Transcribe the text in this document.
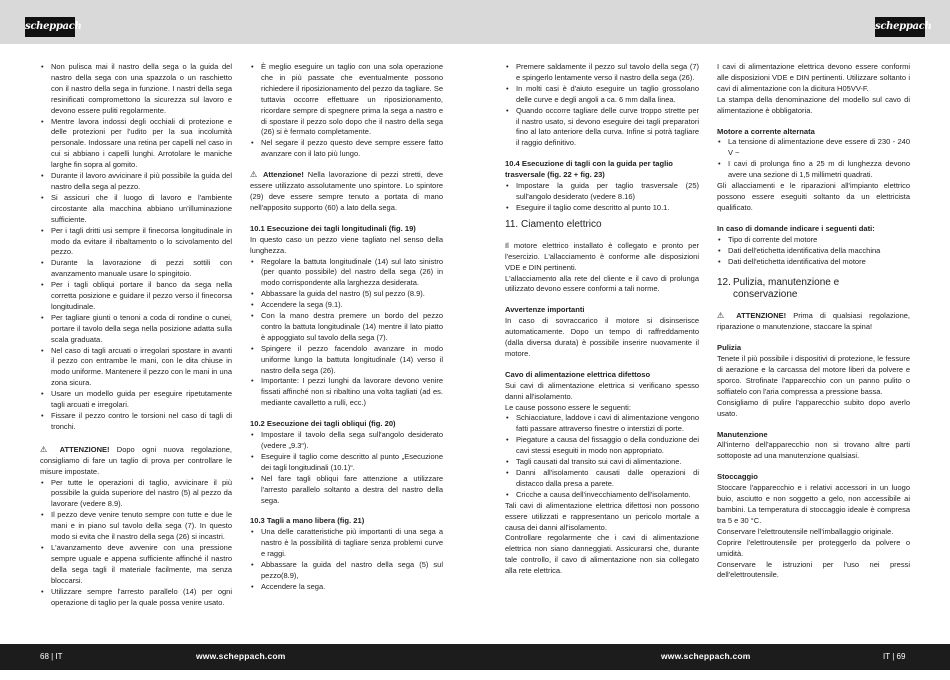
scheppach	scheppach
• Non pulisca mai il nastro della sega o la guida del nastro della sega con una spazzola o un raschietto con il nastro della sega in funzione. I nastri della sega resinificati compromettono la sicurezza sul lavoro e devono essere puliti regolarmente.
• Mentre lavora indossi degli occhiali di protezione e delle protezioni per l'udito per la sua incolumità personale. Indossare una retina per capelli nel caso in cui si abbiano i capelli lunghi. Arrotolare le maniche larghe fin sopra al gomito.
• Durante il lavoro avvicinare il più possibile la guida del nastro della sega al pezzo.
• Si assicuri che il luogo di lavoro e l'ambiente circostante alla macchina abbiano un'illuminazione sufficiente.
• Per i tagli dritti usi sempre il finecorsa longitudinale in modo da evitare il ribaltamento o lo scivolamento del pezzo.
• Durante la lavorazione di pezzi sottili con avanzamento manuale usare lo spingitoio.
• Per i tagli obliqui portare il banco da sega nella corretta posizione e guidare il pezzo verso il finecorsa longitudinale.
• Per tagliare giunti o tenoni a coda di rondine o cunei, portare il tavolo della sega nella posizione adatta sulla scala graduata.
• Nel caso di tagli arcuati o irregolari spostare in avanti il pezzo con entrambe le mani, con le dita chiuse in modo uniforme. Mantenere il pezzo con le mani in una zona sicura.
• Usare un modello guida per eseguire ripetutamente tagli arcuati e irregolari.
• Fissare il pezzo contro le torsioni nel caso di tagli di tronchi.

⚠ ATTENZIONE! Dopo ogni nuova regolazione, consigliamo di fare un taglio di prova per controllare le misure impostate.

• Per tutte le operazioni di taglio, avvicinare il più possibile la guida superiore del nastro (5) al pezzo da lavorare (vedere 8.9).
• Il pezzo deve venire tenuto sempre con tutte e due le mani e in piano sul tavolo della sega (7). In questo modo si evita che il nastro della sega (26) si incastri.
• L'avanzamento deve avvenire con una pressione sempre uguale e appena sufficiente affinché il nastro della sega tagli il materiale facilmente, ma senza bloccarsi.
• Utilizzare sempre l'arresto parallelo (14) per ogni operazione di taglio per la quale possa venire usato.
• È meglio eseguire un taglio con una sola operazione che in più passate che eventualmente possono richiedere il riposizionamento del pezzo da tagliare. Se tuttavia occorre effettuare un riposizionamento, ricordare sempre di spegnere prima la sega a nastro e di spostare il pezzo solo dopo che il nastro della sega (26) si è fermato completamente.
• Nel segare il pezzo questo deve sempre essere fatto avanzare con il lato più lungo.

⚠ Attenzione! Nella lavorazione di pezzi stretti, deve essere utilizzato assolutamente uno spintore. Lo spintore (29) deve essere sempre tenuto a portata di mano nell'apposito supporto (60) a lato della sega.

10.1 Esecuzione dei tagli longitudinali (fig. 19)

In questo caso un pezzo viene tagliato nel senso della lunghezza.

• Regolare la battuta longitudinale (14) sul lato sinistro (per quanto possibile) del nastro della sega (26) in modo corrispondente alla larghezza desiderata.
• Abbassare la guida del nastro (5) sul pezzo (8.9).
• Accendere la sega (9.1).
• Con la mano destra premere un bordo del pezzo contro la battuta longitudinale (14) mentre il lato piatto è appoggiato sul tavolo della sega (7).
• Spingere il pezzo facendolo avanzare in modo uniforme lungo la battuta longitudinale (14) verso il nastro della sega (26).
• Importante: I pezzi lunghi da lavorare devono venire fissati affinché non si ribaltino una volta tagliati (ad es. mediante cavalletto a rulli, ecc.)
10.2 Esecuzione dei tagli obliqui (fig. 20)
• Impostare il tavolo della sega sull'angolo desiderato (vedere „9.3“).
• Eseguire il taglio come descritto al punto „Esecuzione dei tagli longitudinali (10.1)“.
• Nel fare tagli obliqui fare attenzione a utilizzare l'arresto parallelo soltanto a destra del nastro della sega.
10.3 Tagli a mano libera (fig. 21)
• Una delle caratteristiche più importanti di una sega a nastro è la possibilità di tagliare senza problemi curve e raggi.
• Abbassare la guida del nastro della sega (5) sul pezzo(8.9),
• Accendere la sega.
• Premere saldamente il pezzo sul tavolo della sega (7) e spingerlo lentamente verso il nastro della sega (26).
• In molti casi è d'aiuto eseguire un taglio grossolano delle curve e degli angoli a ca. 6 mm dalla linea.
• Quando occorre tagliare delle curve troppo strette per il nastro usato, si devono eseguire dei tagli preparatori fino al lato anteriore della curva. Infine si potrà tagliare il raggio definitivo.
10.4 Esecuzione di tagli con la guida per taglio trasversale (fig. 22 + fig. 23)
• Impostare la guida per taglio trasversale (25) sull'angolo desiderato (vedere 8.16)
• Eseguire il taglio come descritto al punto 10.1.
11. Ciamento elettrico

Il motore elettrico installato è collegato e pronto per l'esercizio. L'allacciamento è conforme alle disposizioni VDE e DIN pertinenti.

L'allacciamento alla rete del cliente e il cavo di prolunga utilizzato devono essere conformi a tali norme.

Avvertenze importanti

In caso di sovraccarico il motore si disinserisce automaticamente. Dopo un tempo di raffreddamento (dalla diversa durata) è possibile inserire nuovamente il motore.

Cavo di alimentazione elettrica difettoso

Sui cavi di alimentazione elettrica si verificano spesso danni all'isolamento.

Le cause possono essere le seguenti:

• Schiacciature, laddove i cavi di alimentazione vengono fatti passare attraverso finestre o interstizi di porte.
• Piegature a causa del fissaggio o della conduzione dei cavi stessi eseguiti in modo non appropriato.
• Tagli causati dal transito sui cavi di alimentazione.
• Danni all'isolamento causati dalle operazioni di distacco dalla presa a parete.
• Cricche a causa dell'invecchiamento dell'isolamento.

Tali cavi di alimentazione elettrica difettosi non possono essere utilizzati e rappresentano un pericolo mortale a causa dei danni all'isolamento.

Controllare regolarmente che i cavi di alimentazione elettrica non siano danneggiati. Assicurarsi che, durante tale controllo, il cavo di alimentazione non sia collegato alla rete elettrica.

I cavi di alimentazione elettrica devono essere conformi alle disposizioni VDE e DIN pertinenti. Utilizzare soltanto i cavi di alimentazione con la dicitura H05VV-F.

La stampa della denominazione del modello sul cavo di alimentazione è obbligatoria.

Motore a corrente alternata
• La tensione di alimentazione deve essere di 230 - 240 V ~
• I cavi di prolunga fino a 25 m di lunghezza devono avere una sezione di 1,5 millimetri quadrati.

Gli allacciamenti e le riparazioni all'impianto elettrico possono essere eseguiti soltanto da un elettricista qualificato.

In caso di domande indicare i seguenti dati:
• Tipo di corrente del motore
• Dati dell'etichetta identificativa della macchina
• Dati dell'etichetta identificativa del motore
12. Pulizia, manutenzione e
conservazione

⚠ ATTENZIONE! Prima di qualsiasi regolazione, riparazione o manutenzione, staccare la spina!

Pulizia

Tenete il più possibile i dispositivi di protezione, le fessure di aerazione e la carcassa del motore liberi da polvere e sporco. Strofinate l'apparecchio con un panno pulito o soffiatelo con l'aria compressa a pressione bassa.

Consigliamo di pulire l'apparecchio subito dopo averlo usato.

Manutenzione

All'interno dell'apparecchio non si trovano altre parti sottoposte ad una manutenzione qualsiasi.

Stoccaggio

Stoccare l'apparecchio e i relativi accessori in un luogo buio, asciutto e non soggetto a gelo, non accessibile ai bambini. La temperatura di stoccaggio ideale è compresa tra 5 e 30 °C.

Conservare l'elettroutensile nell'imballaggio originale.

Coprire l'elettroutensile per proteggerlo da polvere o umidità.

Conservare le istruzioni per l'uso nei pressi dell'elettroutensile.

68 | IT	www.scheppach.com	www.scheppach.com	IT | 69
